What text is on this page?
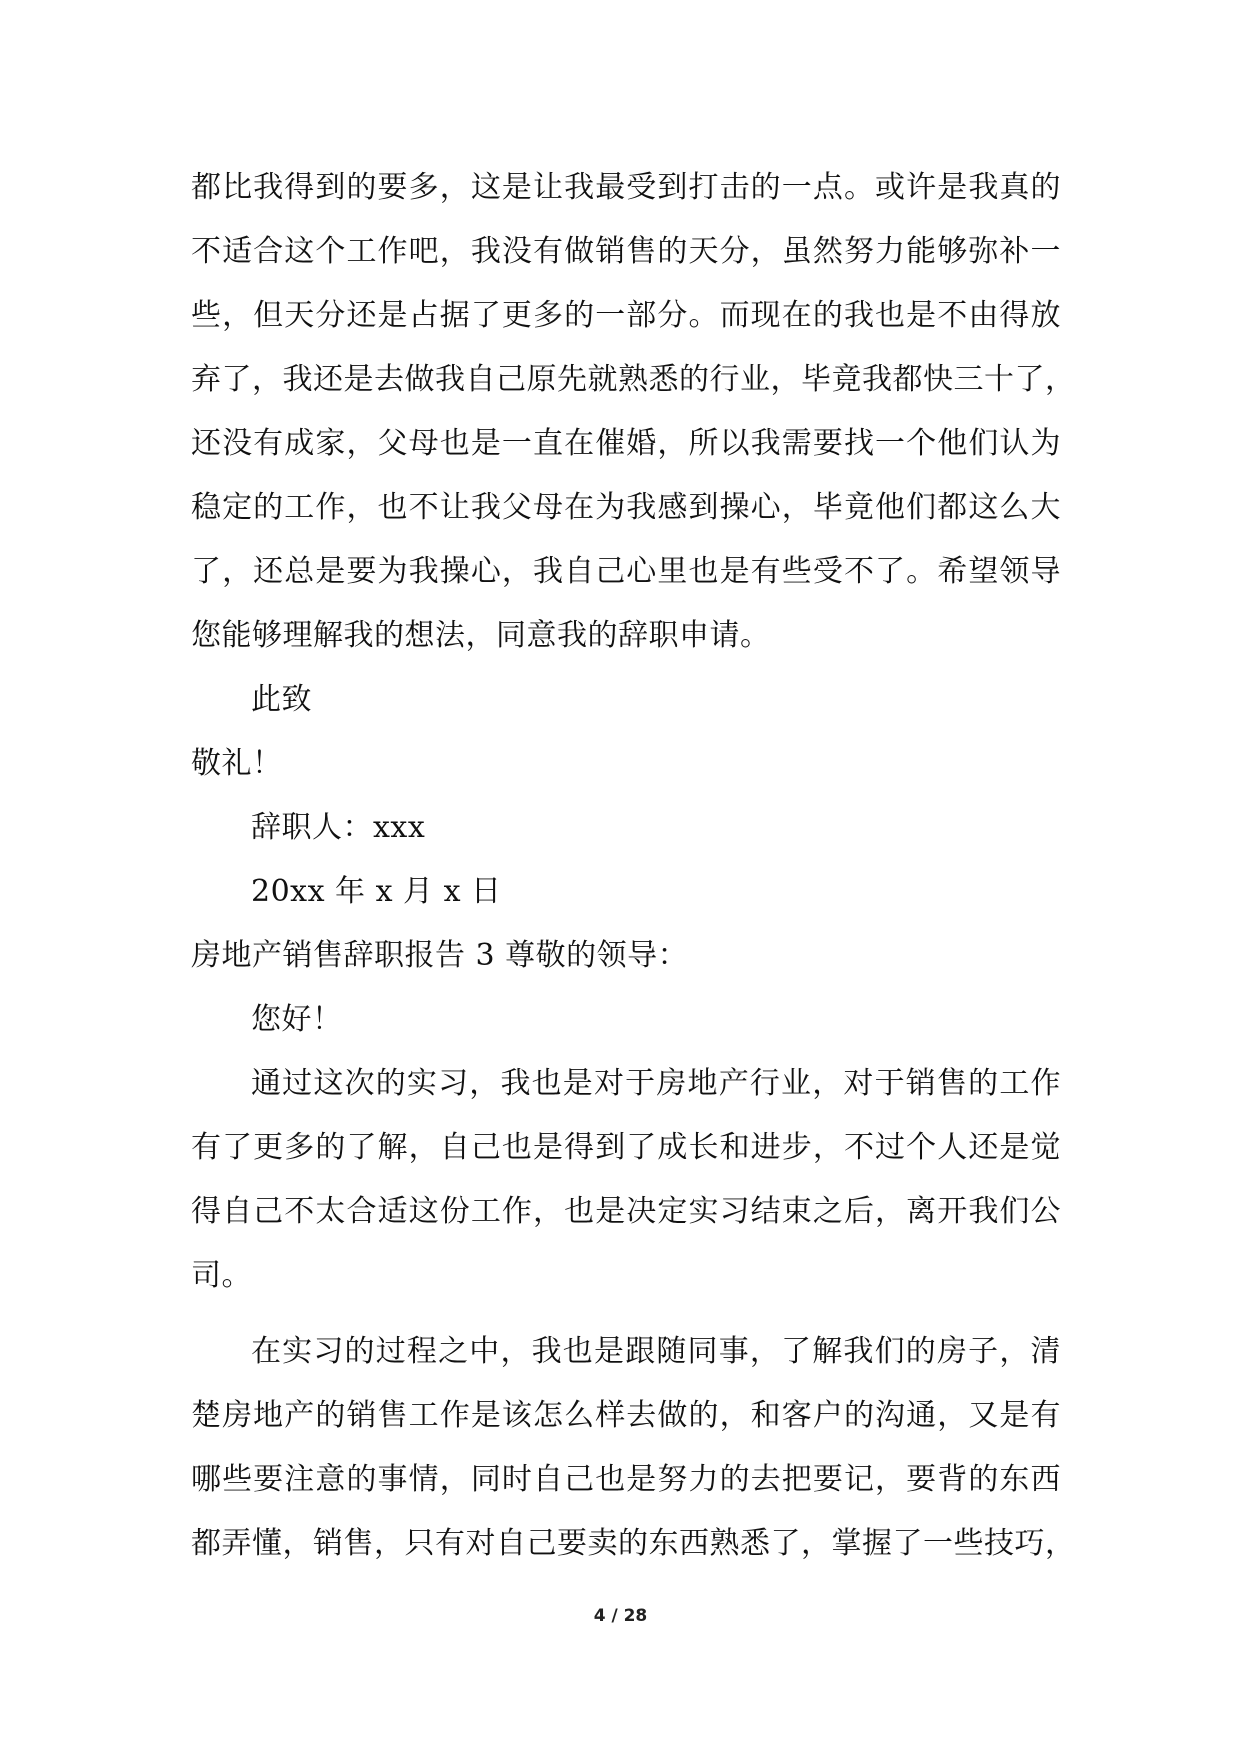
都比我得到的要多，这是让我最受到打击的一点。或许是我真的
不适合这个工作吧，我没有做销售的天分，虽然努力能够弥补一
些，但天分还是占据了更多的一部分。而现在的我也是不由得放
弃了，我还是去做我自己原先就熟悉的行业，毕竟我都快三十了，
还没有成家，父母也是一直在催婚，所以我需要找一个他们认为
稳定的工作，也不让我父母在为我感到操心，毕竟他们都这么大
了，还总是要为我操心，我自己心里也是有些受不了。希望领导
您能够理解我的想法，同意我的辞职申请。
此致
敬礼！
辞职人：xxx
20xx 年 x 月 x 日
房地产销售辞职报告 3 尊敬的领导：
您好！
通过这次的实习，我也是对于房地产行业，对于销售的工作
有了更多的了解，自己也是得到了成长和进步，不过个人还是觉
得自己不太合适这份工作，也是决定实习结束之后，离开我们公
司。
在实习的过程之中，我也是跟随同事，了解我们的房子，清
楚房地产的销售工作是该怎么样去做的，和客户的沟通，又是有
哪些要注意的事情，同时自己也是努力的去把要记，要背的东西
都弄懂，销售，只有对自己要卖的东西熟悉了，掌握了一些技巧，
4 / 28
